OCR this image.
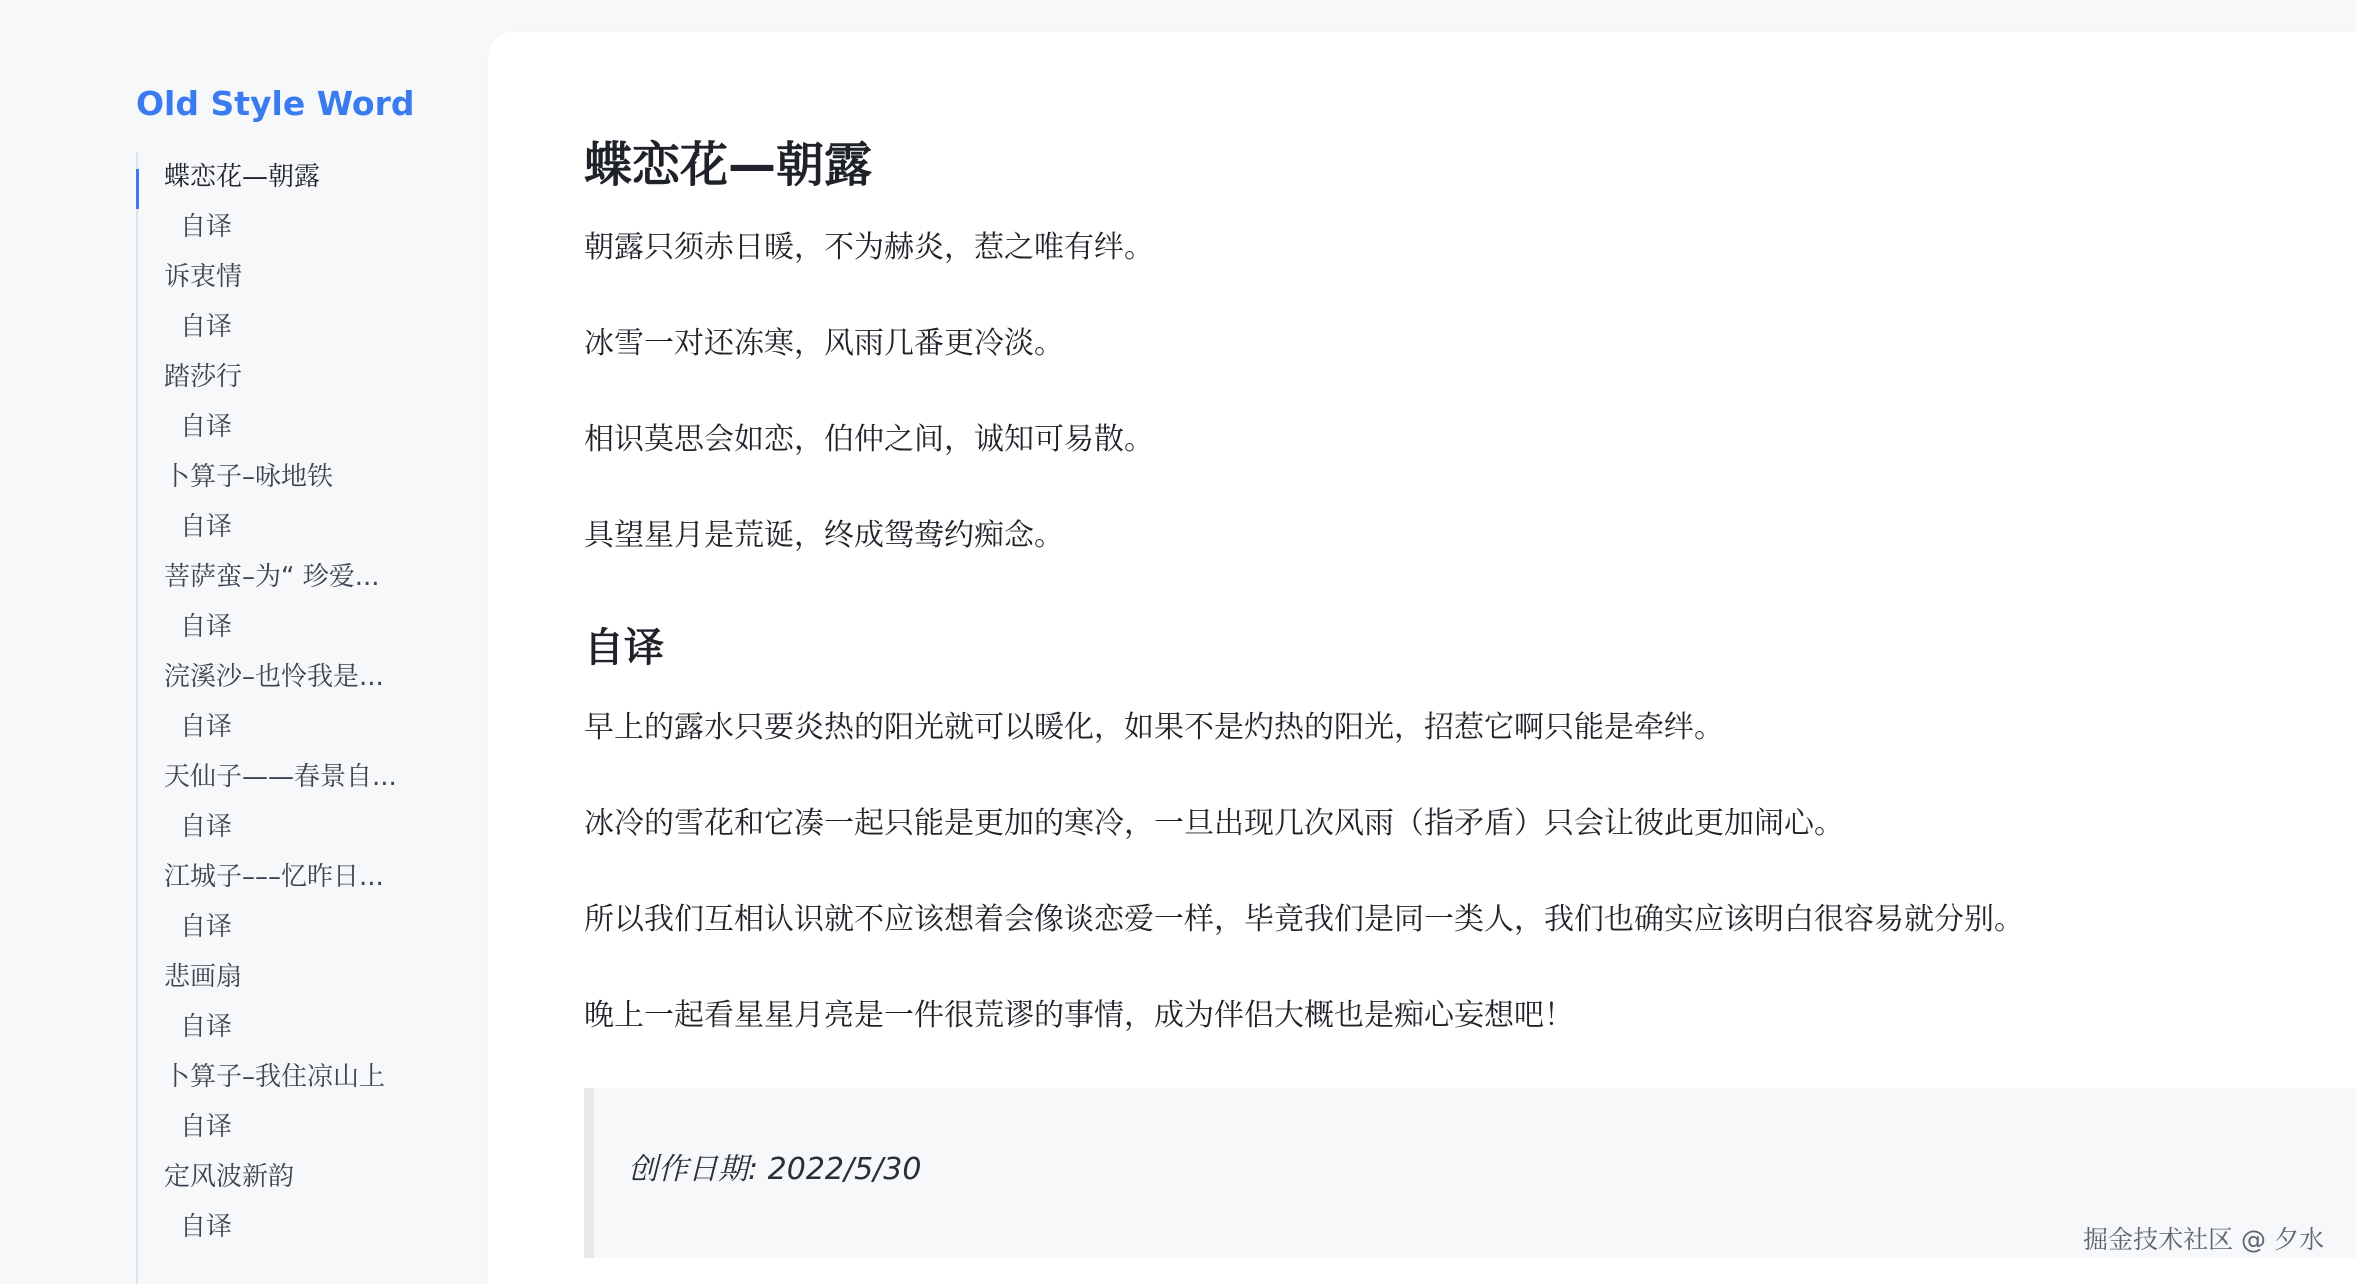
Old Style Word
蝶恋花—朝露
自译
诉衷情
自译
踏莎行
自译
卜算子–咏地铁
自译
菩萨蛮–为“ 珍爱...
自译
浣溪沙–也怜我是...
自译
天仙子——春景自...
自译
江城子–––忆昨日...
自译
悲画扇
自译
卜算子–我住凉山上
自译
定风波新韵
自译
蝶恋花—朝露

朝露只须赤日暖，不为赫炎，惹之唯有绊。

冰雪一对还冻寒，风雨几番更冷淡。

相识莫思会如恋，伯仲之间，诚知可易散。

具望星月是荒诞，终成鸳鸯约痴念。

自译

早上的露水只要炎热的阳光就可以暖化，如果不是灼热的阳光，招惹它啊只能是牵绊。

冰冷的雪花和它凑一起只能是更加的寒冷，一旦出现几次风雨（指矛盾）只会让彼此更加闹心。

所以我们互相认识就不应该想着会像谈恋爱一样，毕竟我们是同一类人，我们也确实应该明白很容易就分别。

晚上一起看星星月亮是一件很荒谬的事情，成为伴侣大概也是痴心妄想吧！

创作日期: 2022/5/30
掘金技术社区 @ 夕水
